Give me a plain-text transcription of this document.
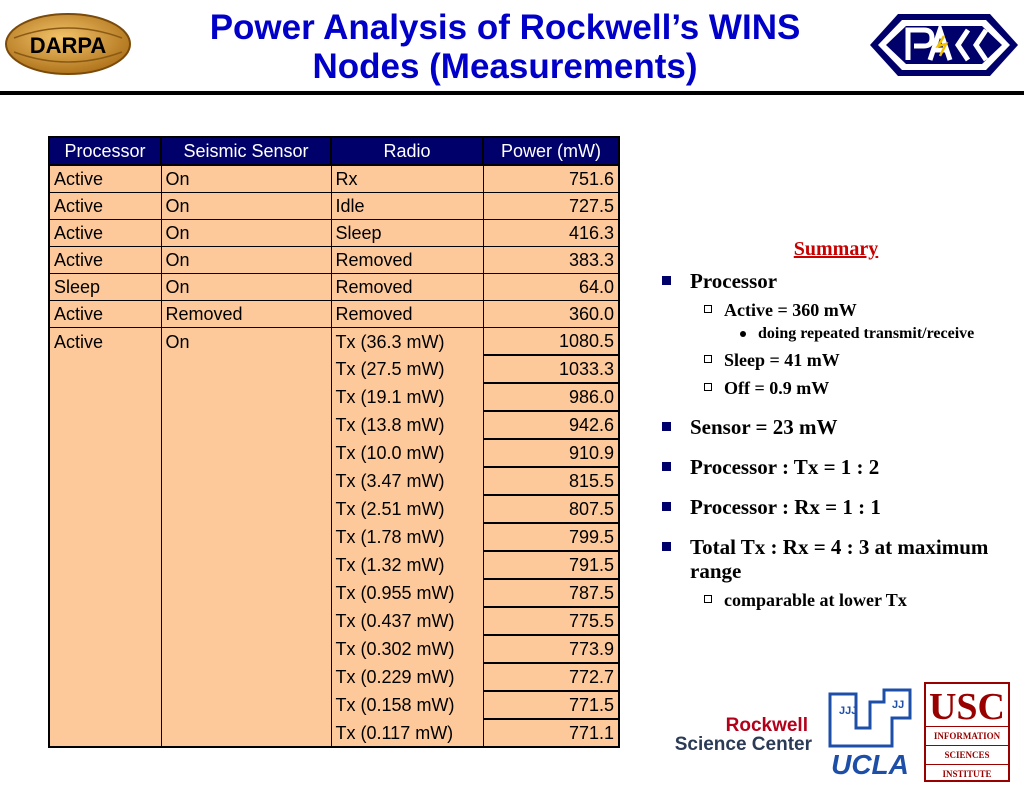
DARPA	Power Analysis of Rockwell’s WINS
Nodes (Measurements)
Processor	Seismic Sensor	Radio	Power (mW)
Active	On	Rx	751.6
Active	On	Idle	727.5
Active	On	Sleep	416.3
Active	On	Removed	383.3
Sleep	On	Removed	64.0
Active	Removed	Removed	360.0
Active	On	Tx (36.3 mW)	1080.5
		Tx (27.5 mW)	1033.3
		Tx (19.1 mW)	986.0
		Tx (13.8 mW)	942.6
		Tx (10.0 mW)	910.9
		Tx (3.47 mW)	815.5
		Tx (2.51 mW)	807.5
		Tx (1.78 mW)	799.5
		Tx (1.32 mW)	791.5
		Tx (0.955 mW)	787.5
		Tx (0.437 mW)	775.5
		Tx (0.302 mW)	773.9
		Tx (0.229 mW)	772.7
		Tx (0.158 mW)	771.5
		Tx (0.117 mW)	771.1
Summary
Processor
Active = 360 mW
doing repeated transmit/receive
Sleep = 41 mW
Off = 0.9 mW
Sensor = 23 mW
Processor : Tx = 1 : 2
Processor : Rx = 1 : 1
Total Tx : Rx = 4 : 3 at maximum range
comparable at lower Tx
Rockwell
Science Center
JJJ	JJ
UCLA
USC
INFORMATION
SCIENCES
INSTITUTE
